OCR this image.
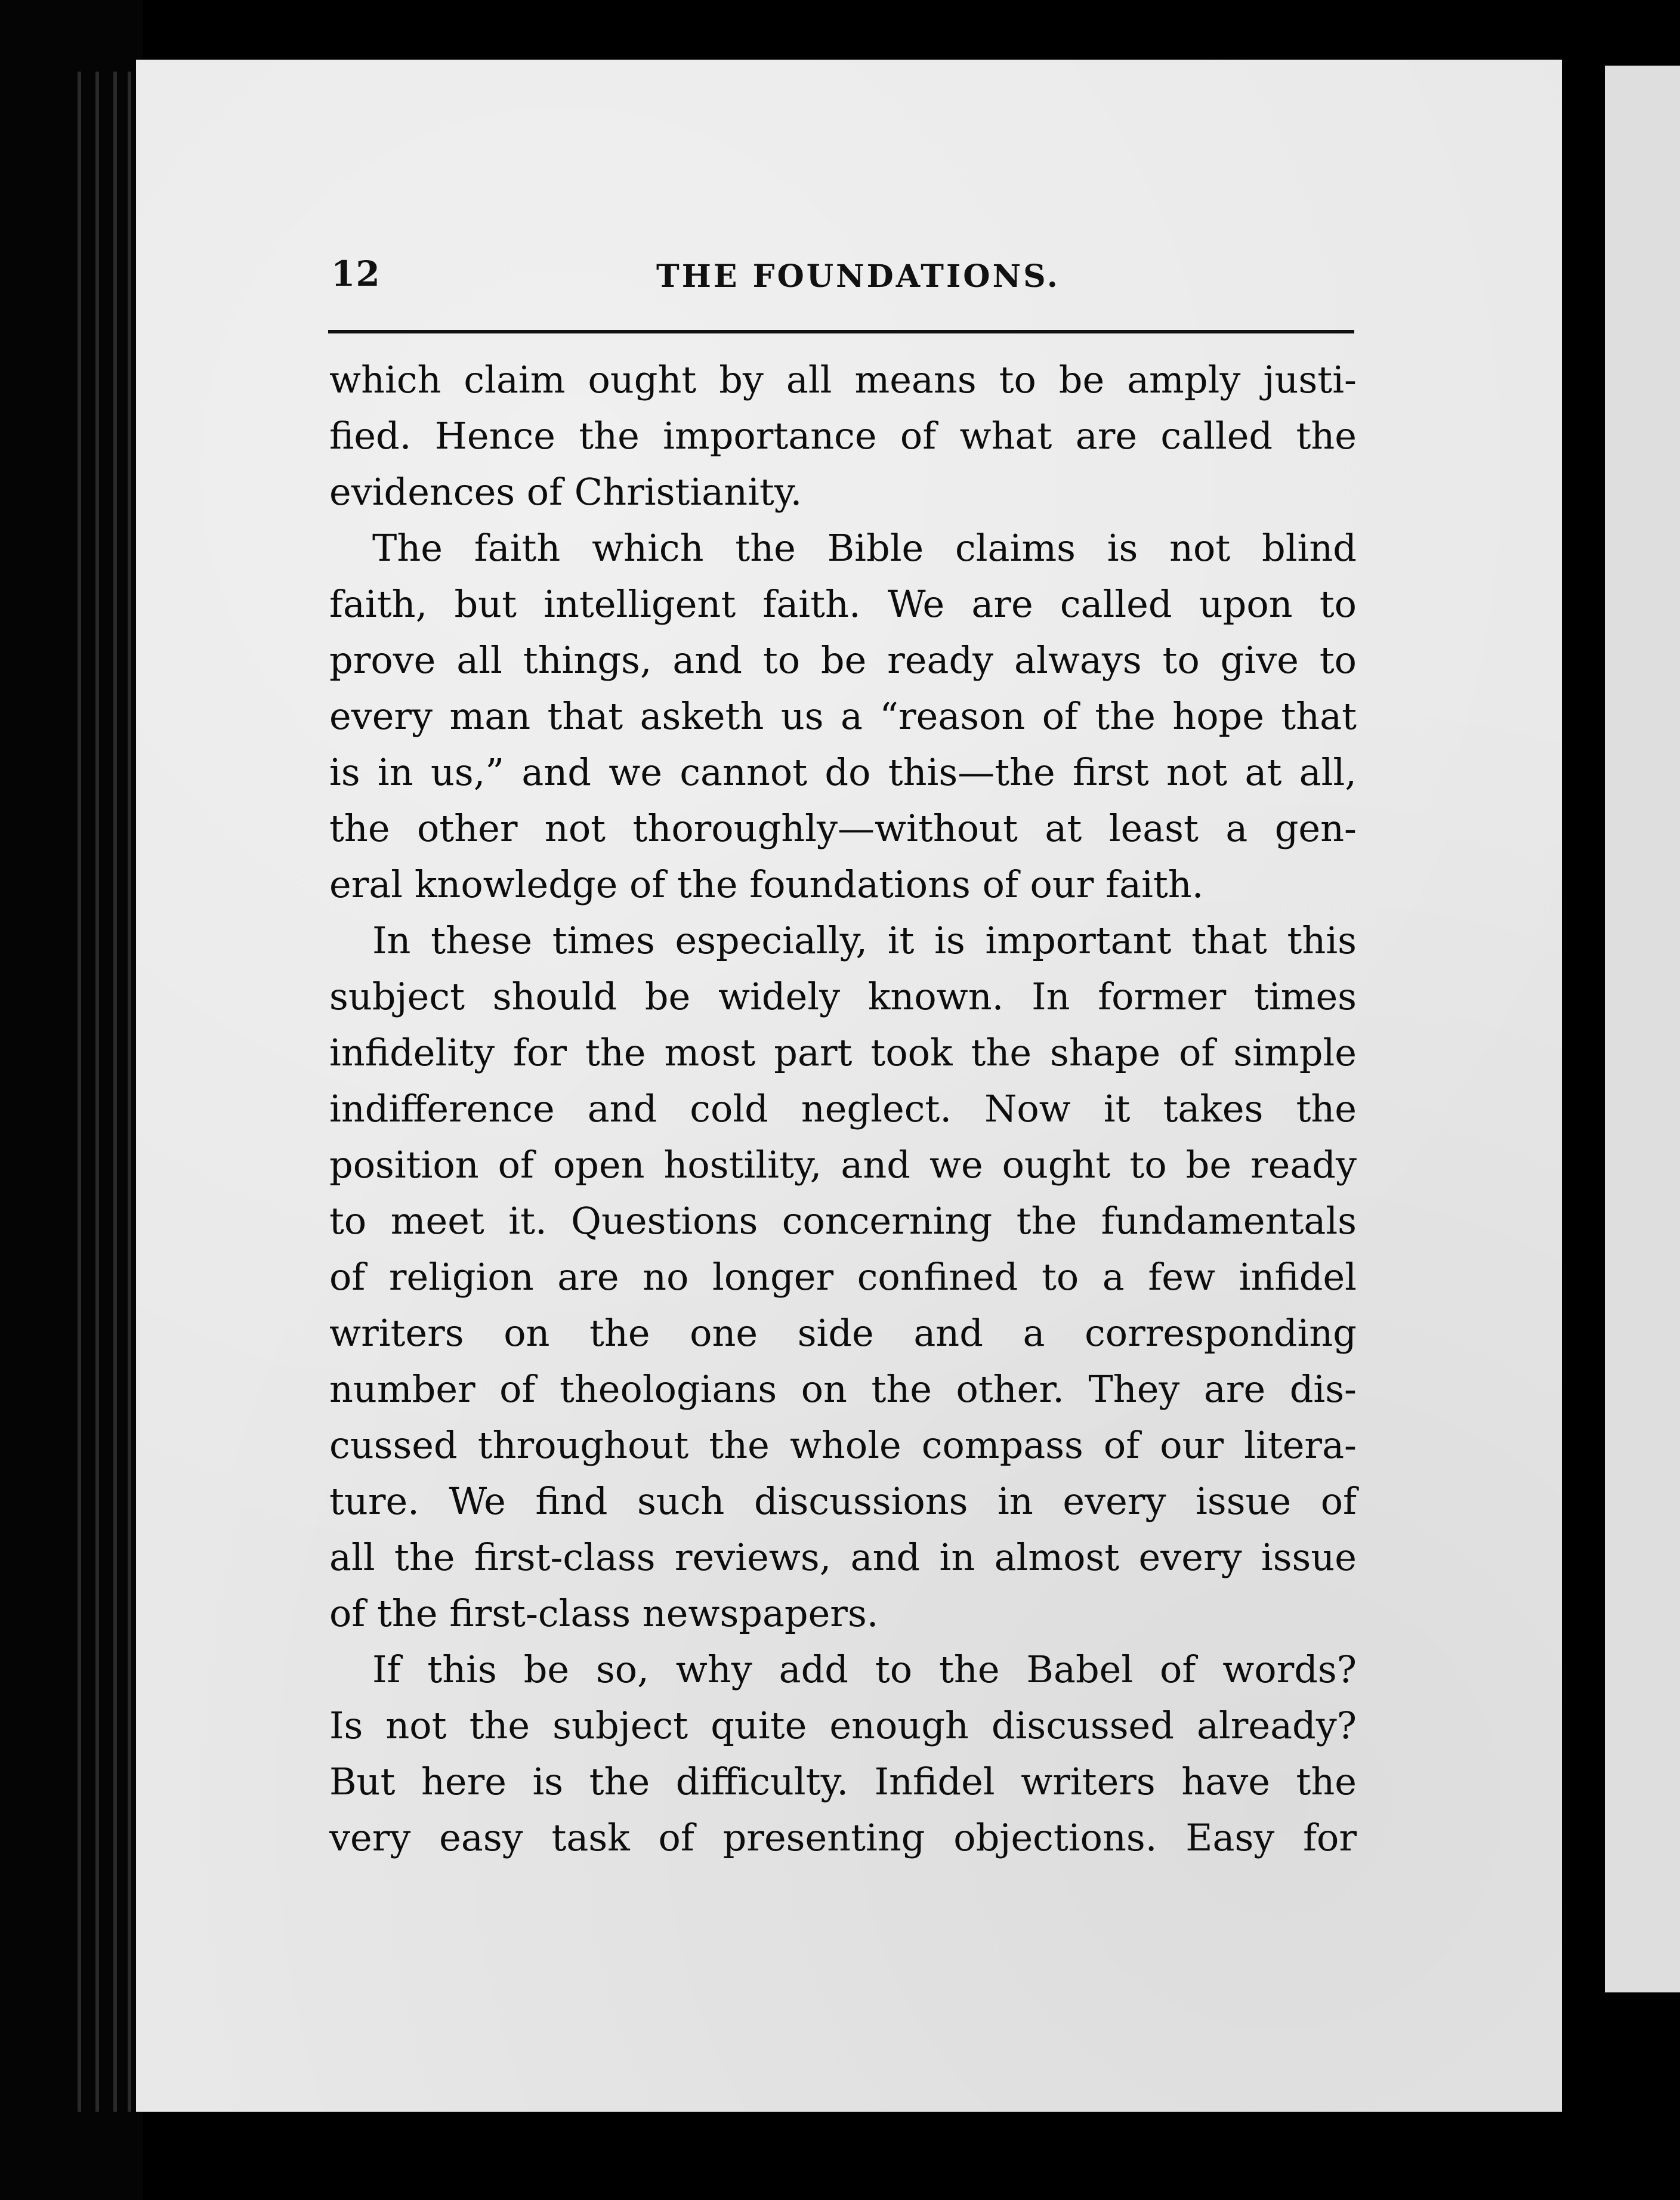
12	THE FOUNDATIONS.
which claim ought by all means to be amply justi-
fied. Hence the importance of what are called the
evidences of Christianity.
The faith which the Bible claims is not blind
faith, but intelligent faith. We are called upon to
prove all things, and to be ready always to give to
every man that asketh us a “reason of the hope that
is in us,” and we cannot do this—the first not at all,
the other not thoroughly—without at least a gen-
eral knowledge of the foundations of our faith.
In these times especially, it is important that this
subject should be widely known. In former times
infidelity for the most part took the shape of simple
indifference and cold neglect. Now it takes the
position of open hostility, and we ought to be ready
to meet it. Questions concerning the fundamentals
of religion are no longer confined to a few infidel
writers on the one side and a corresponding
number of theologians on the other. They are dis-
cussed throughout the whole compass of our litera-
ture. We find such discussions in every issue of
all the first-class reviews, and in almost every issue
of the first-class newspapers.
If this be so, why add to the Babel of words?
Is not the subject quite enough discussed already?
But here is the difficulty. Infidel writers have the
very easy task of presenting objections. Easy for
